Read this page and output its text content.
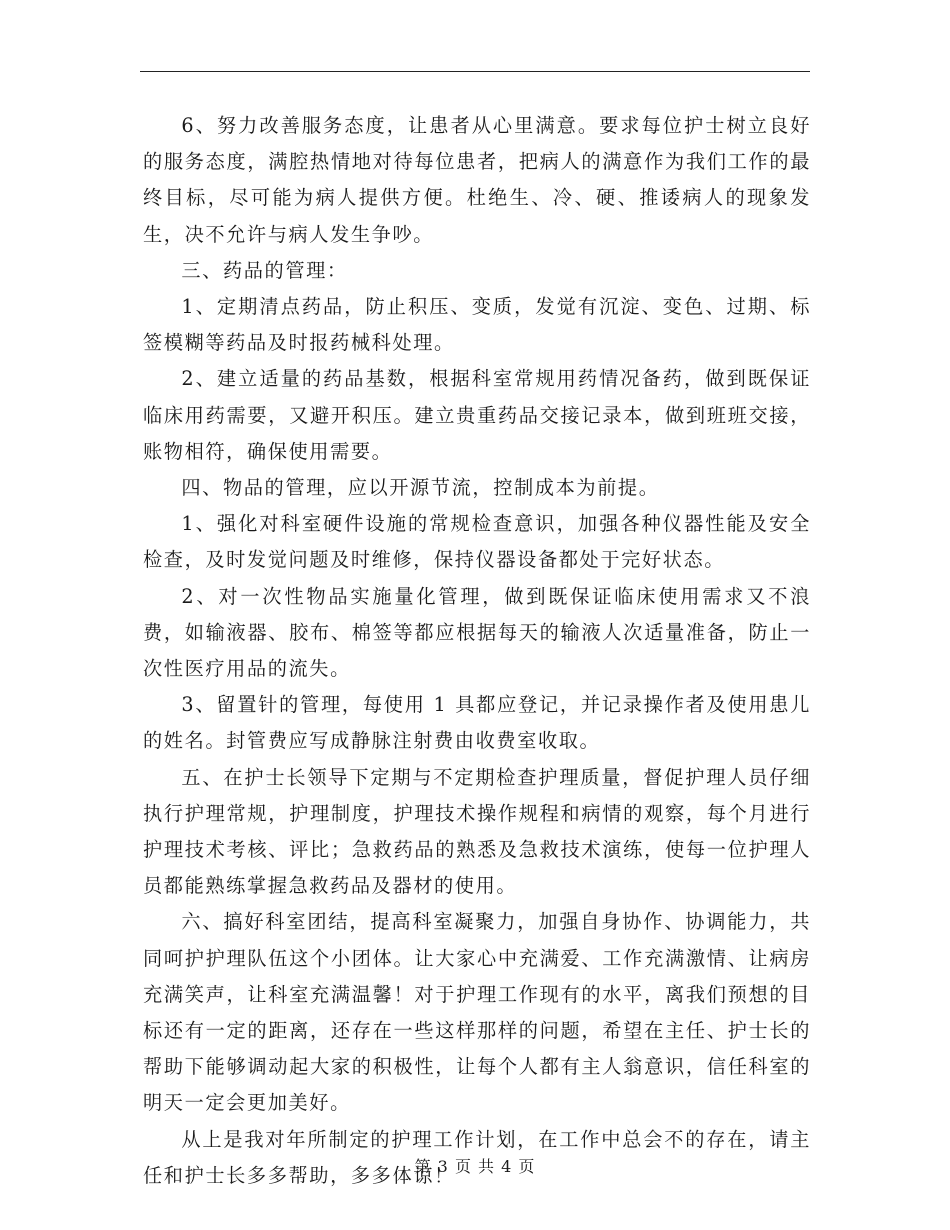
6、努力改善服务态度，让患者从心里满意。要求每位护士树立良好的服务态度，满腔热情地对待每位患者，把病人的满意作为我们工作的最终目标，尽可能为病人提供方便。杜绝生、冷、硬、推诿病人的现象发生，决不允许与病人发生争吵。

三、药品的管理：

1、定期清点药品，防止积压、变质，发觉有沉淀、变色、过期、标签模糊等药品及时报药械科处理。

2、建立适量的药品基数，根据科室常规用药情况备药，做到既保证临床用药需要，又避开积压。建立贵重药品交接记录本，做到班班交接，账物相符，确保使用需要。

四、物品的管理，应以开源节流，控制成本为前提。

1、强化对科室硬件设施的常规检查意识，加强各种仪器性能及安全检查，及时发觉问题及时维修，保持仪器设备都处于完好状态。

2、对一次性物品实施量化管理，做到既保证临床使用需求又不浪费，如输液器、胶布、棉签等都应根据每天的输液人次适量准备，防止一次性医疗用品的流失。

3、留置针的管理，每使用 1 具都应登记，并记录操作者及使用患儿的姓名。封管费应写成静脉注射费由收费室收取。

五、在护士长领导下定期与不定期检查护理质量，督促护理人员仔细执行护理常规，护理制度，护理技术操作规程和病情的观察，每个月进行护理技术考核、评比；急救药品的熟悉及急救技术演练，使每一位护理人员都能熟练掌握急救药品及器材的使用。

六、搞好科室团结，提高科室凝聚力，加强自身协作、协调能力，共同呵护护理队伍这个小团体。让大家心中充满爱、工作充满激情、让病房充满笑声，让科室充满温馨！对于护理工作现有的水平，离我们预想的目标还有一定的距离，还存在一些这样那样的问题，希望在主任、护士长的帮助下能够调动起大家的积极性，让每个人都有主人翁意识，信任科室的明天一定会更加美好。

从上是我对年所制定的护理工作计划，在工作中总会不的存在，请主任和护士长多多帮助，多多体谅！

第 3 页 共 4 页
